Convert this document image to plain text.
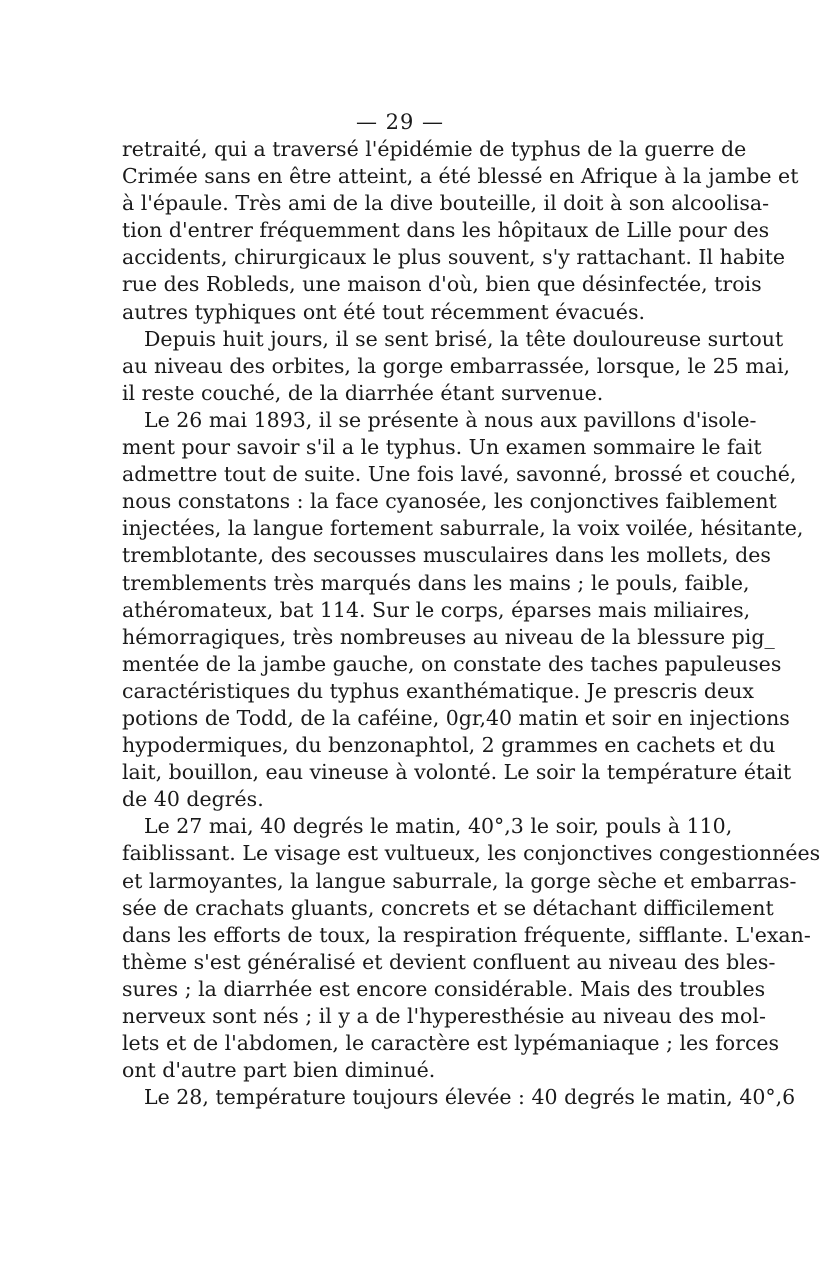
— 29 —
retraité, qui a traversé l'épidémie de typhus de la guerre de
Crimée sans en être atteint, a été blessé en Afrique à la jambe et
à l'épaule. Très ami de la dive bouteille, il doit à son alcoolisa-
tion d'entrer fréquemment dans les hôpitaux de Lille pour des
accidents, chirurgicaux le plus souvent, s'y rattachant. Il habite
rue des Robleds, une maison d'où, bien que désinfectée, trois
autres typhiques ont été tout récemment évacués.
Depuis huit jours, il se sent brisé, la tête douloureuse surtout
au niveau des orbites, la gorge embarrassée, lorsque, le 25 mai,
il reste couché, de la diarrhée étant survenue.
Le 26 mai 1893, il se présente à nous aux pavillons d'isole-
ment pour savoir s'il a le typhus. Un examen sommaire le fait
admettre tout de suite. Une fois lavé, savonné, brossé et couché,
nous constatons : la face cyanosée, les conjonctives faiblement
injectées, la langue fortement saburrale, la voix voilée, hésitante,
tremblotante, des secousses musculaires dans les mollets, des
tremblements très marqués dans les mains ; le pouls, faible,
athéromateux, bat 114. Sur le corps, éparses mais miliaires,
hémorragiques, très nombreuses au niveau de la blessure pig_
mentée de la jambe gauche, on constate des taches papuleuses
caractéristiques du typhus exanthématique. Je prescris deux
potions de Todd, de la caféine, 0gr,40 matin et soir en injections
hypodermiques, du benzonaphtol, 2 grammes en cachets et du
lait, bouillon, eau vineuse à volonté. Le soir la température était
de 40 degrés.
Le 27 mai, 40 degrés le matin, 40°,3 le soir, pouls à 110,
faiblissant. Le visage est vultueux, les conjonctives congestionnées
et larmoyantes, la langue saburrale, la gorge sèche et embarras-
sée de crachats gluants, concrets et se détachant difficilement
dans les efforts de toux, la respiration fréquente, sifflante. L'exan-
thème s'est généralisé et devient confluent au niveau des bles-
sures ; la diarrhée est encore considérable. Mais des troubles
nerveux sont nés ; il y a de l'hyperesthésie au niveau des mol-
lets et de l'abdomen, le caractère est lypémaniaque ; les forces
ont d'autre part bien diminué.
Le 28, température toujours élevée : 40 degrés le matin, 40°,6
